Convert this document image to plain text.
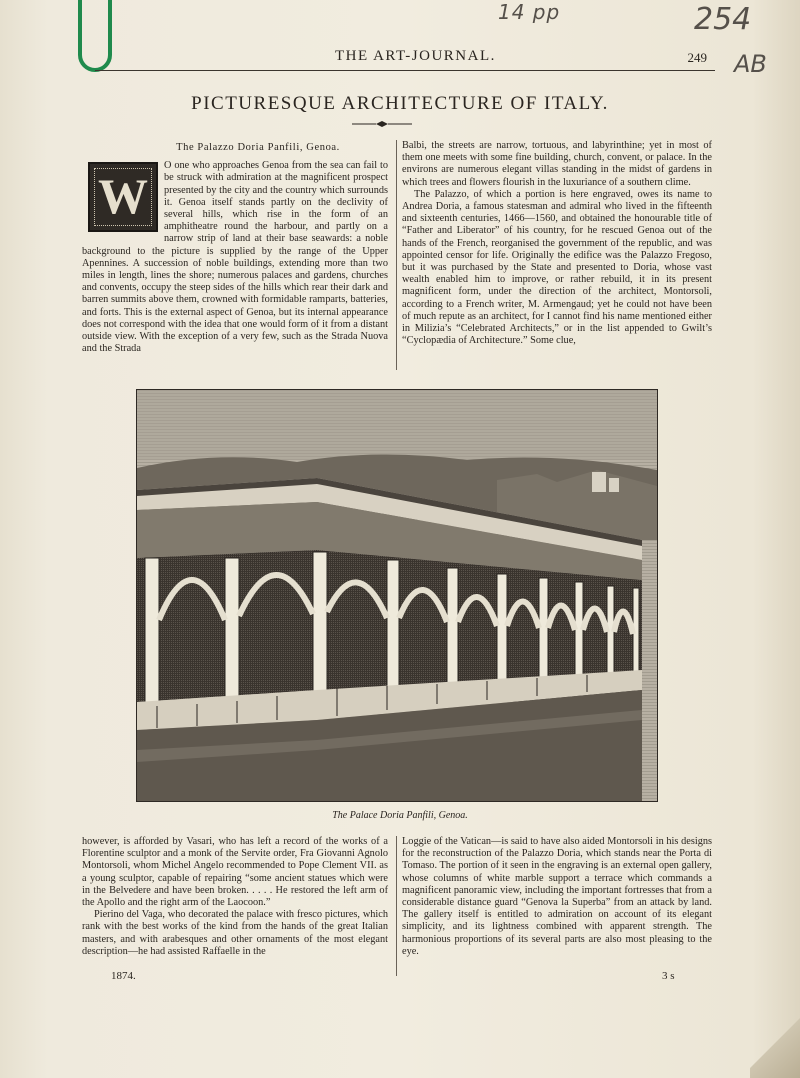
14 pp	254
AB
THE ART-JOURNAL.	249
PICTURESQUE ARCHITECTURE OF ITALY.
The Palazzo Doria Panfili, Genoa.
W

O one who approaches Genoa from the sea can fail to be struck with admiration at the magnificent prospect presented by the city and the country which surrounds it. Genoa itself stands partly on the declivity of several hills, which rise in the form of an amphitheatre round the harbour, and partly on a narrow strip of land at their base seawards: a noble background to the picture is supplied by the range of the Upper Apennines. A succession of noble buildings, extending more than two miles in length, lines the shore; numerous palaces and gardens, churches and convents, occupy the steep sides of the hills which rear their dark and barren summits above them, crowned with formidable ramparts, batteries, and forts. This is the external aspect of Genoa, but its internal appearance does not correspond with the idea that one would form of it from a distant outside view. With the exception of a very few, such as the Strada Nuova and the Strada

Balbi, the streets are narrow, tortuous, and labyrinthine; yet in most of them one meets with some fine building, church, convent, or palace. In the environs are numerous elegant villas standing in the midst of gardens in which trees and flowers flourish in the luxuriance of a southern clime.

The Palazzo, of which a portion is here engraved, owes its name to Andrea Doria, a famous statesman and admiral who lived in the fifteenth and sixteenth centuries, 1466—1560, and obtained the honourable title of “Father and Liberator” of his country, for he rescued Genoa out of the hands of the French, reorganised the government of the republic, and was appointed censor for life. Originally the edifice was the Palazzo Fregoso, but it was purchased by the State and presented to Doria, whose vast wealth enabled him to improve, or rather rebuild, it in its present magnificent form, under the direction of the architect, Montorsoli, according to a French writer, M. Armengaud; yet he could not have been of much repute as an architect, for I cannot find his name mentioned either in Milizia’s “Celebrated Architects,” or in the list appended to Gwilt’s “Cyclopædia of Architecture.” Some clue,

The Palace Doria Panfili, Genoa.

however, is afforded by Vasari, who has left a record of the works of a Florentine sculptor and a monk of the Servite order, Fra Giovanni Agnolo Montorsoli, whom Michel Angelo recommended to Pope Clement VII. as a young sculptor, capable of repairing “some ancient statues which were in the Belvedere and have been broken. . . . . He restored the left arm of the Apollo and the right arm of the Laocoon.”

Pierino del Vaga, who decorated the palace with fresco pictures, which rank with the best works of the kind from the hands of the great Italian masters, and with arabesques and other ornaments of the most elegant description—he had assisted Raffaelle in the

Loggie of the Vatican—is said to have also aided Montorsoli in his designs for the reconstruction of the Palazzo Doria, which stands near the Porta di Tomaso. The portion of it seen in the engraving is an external open gallery, whose columns of white marble support a terrace which commands a magnificent panoramic view, including the important fortresses that from a considerable distance guard “Genova la Superba” from an attack by land. The gallery itself is entitled to admiration on account of its elegant simplicity, and its lightness combined with apparent strength. The harmonious proportions of its several parts are also most pleasing to the eye.

1874.	3 s
